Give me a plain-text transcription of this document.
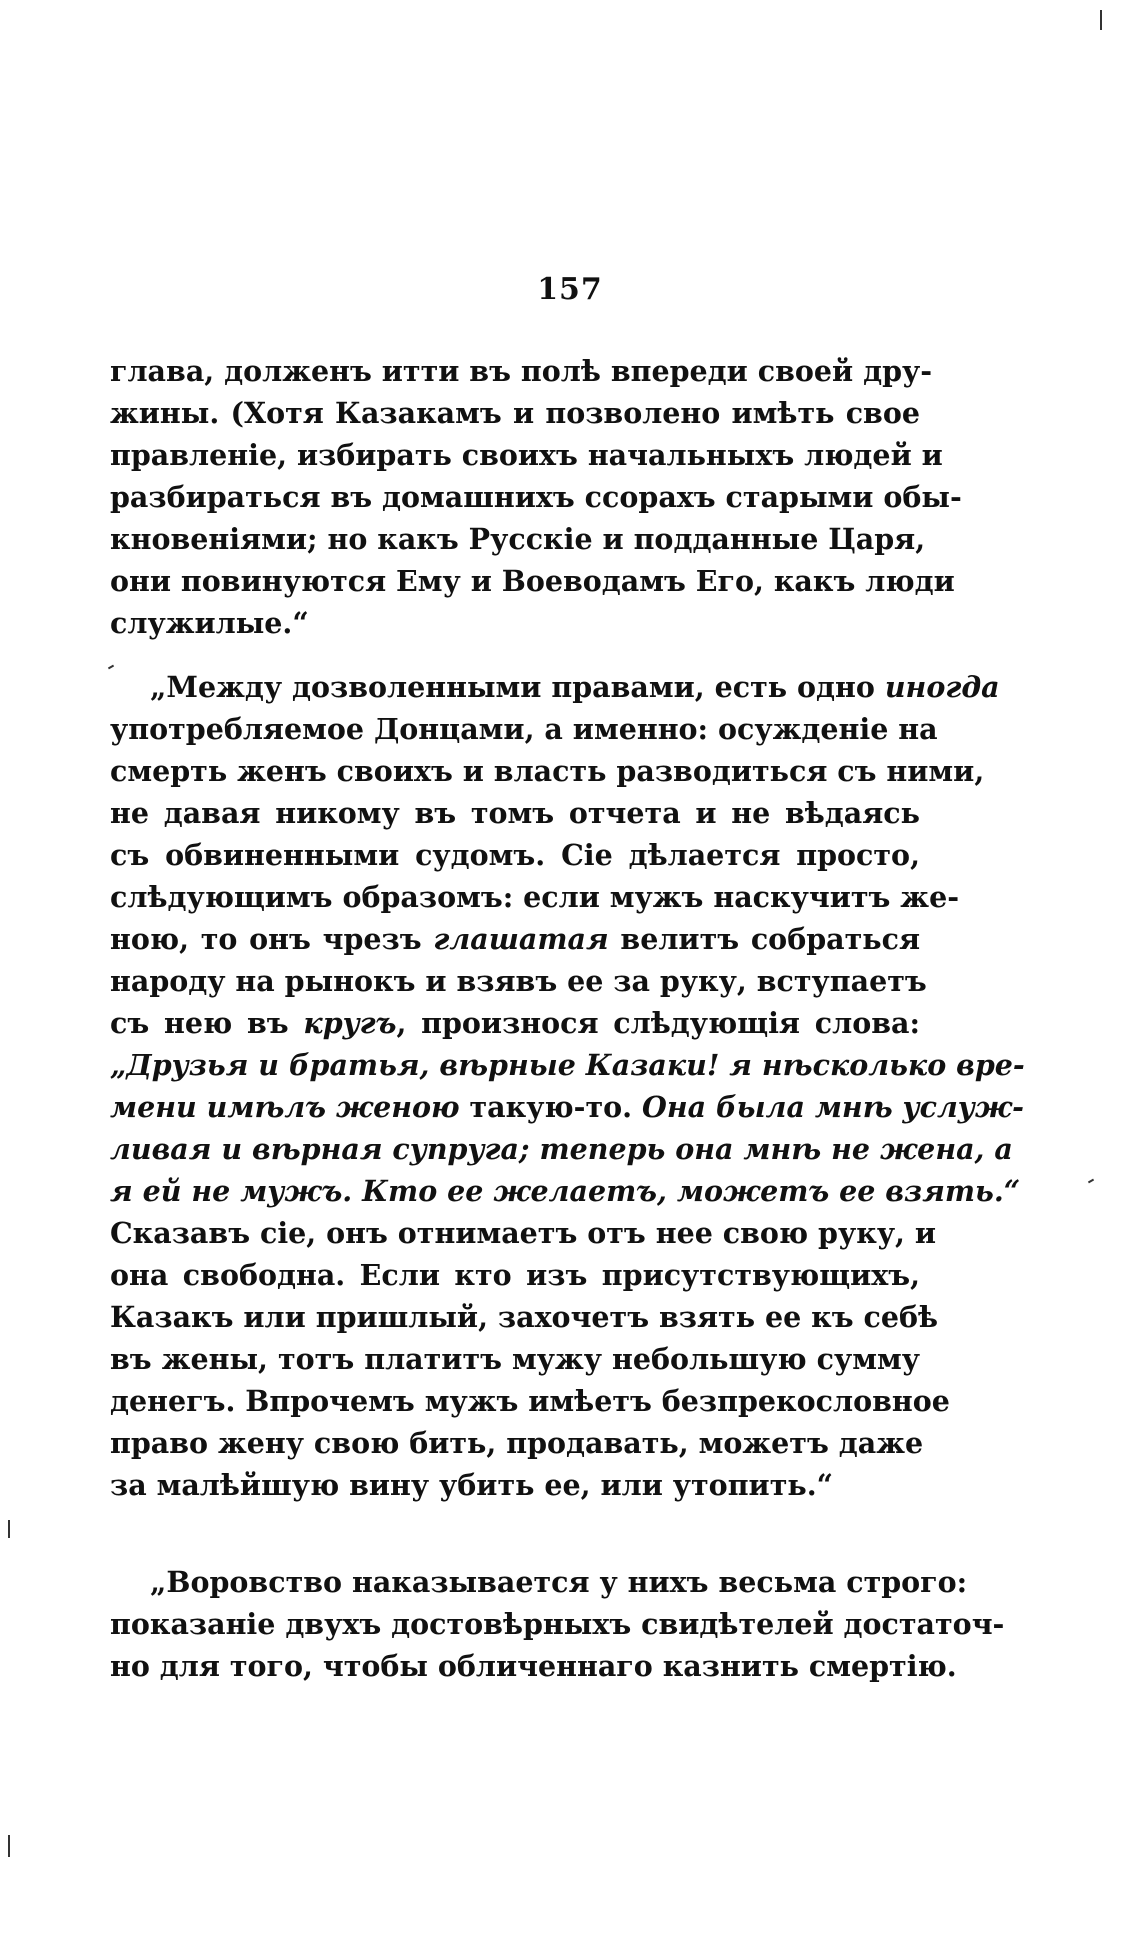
157
глава, долженъ итти въ полѣ впереди своей дру-
жины. (Хотя Казакамъ и позволено имѣть свое
правленіе, избирать своихъ начальныхъ людей и
разбираться въ домашнихъ ссорахъ старыми обы-
кновеніями; но какъ Русскіе и подданные Царя,
они повинуются Ему и Воеводамъ Его, какъ люди
служилые.“
„Между дозволенными правами, есть одно иногда
употребляемое Донцами, а именно: осужденіе на
смерть женъ своихъ и власть разводиться съ ними,
не давая никому въ томъ отчета и не вѣдаясь
съ обвиненными судомъ. Сіе дѣлается просто,
слѣдующимъ образомъ: если мужъ наскучитъ же-
ною, то онъ чрезъ глашатая велитъ собраться
народу на рынокъ и взявъ ее за руку, вступаетъ
съ нею въ кругъ, произнося слѣдующія слова:
„Друзья и братья, вѣрные Казаки! я нѣсколько вре-
мени имѣлъ женою такую-то. Она была мнѣ услуж-
ливая и вѣрная супруга; теперь она мнѣ не жена, а
я ей не мужъ. Кто ее желаетъ, можетъ ее взять.“
Сказавъ сіе, онъ отнимаетъ отъ нее свою руку, и
она свободна. Если кто изъ присутствующихъ,
Казакъ или пришлый, захочетъ взять ее къ себѣ
въ жены, тотъ платитъ мужу небольшую сумму
денегъ. Впрочемъ мужъ имѣетъ безпрекословное
право жену свою бить, продавать, можетъ даже
за малѣйшую вину убить ее, или утопить.“
„Воровство наказывается у нихъ весьма строго:
показаніе двухъ достовѣрныхъ свидѣтелей достаточ-
но для того, чтобы обличеннаго казнить смертію.
